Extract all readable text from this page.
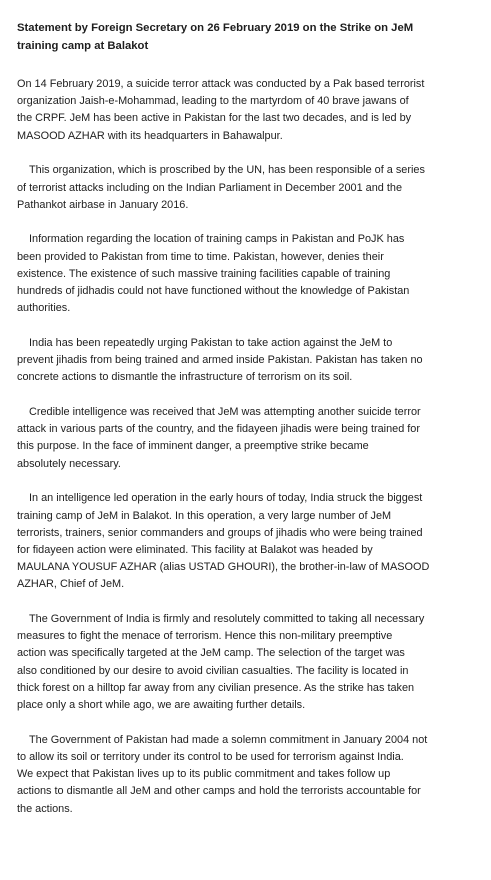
Statement by Foreign Secretary on 26 February 2019 on the Strike on JeM
training camp at Balakot
On 14 February 2019, a suicide terror attack was conducted by a Pak based terrorist
organization Jaish-e-Mohammad, leading to the martyrdom of 40 brave jawans of
the CRPF. JeM has been active in Pakistan for the last two decades, and is led by
MASOOD AZHAR with its headquarters in Bahawalpur.
This organization, which is proscribed by the UN, has been responsible of a series
of terrorist attacks including on the Indian Parliament in December 2001 and the
Pathankot airbase in January 2016.
Information regarding the location of training camps in Pakistan and PoJK has
been provided to Pakistan from time to time. Pakistan, however, denies their
existence. The existence of such massive training facilities capable of training
hundreds of jidhadis could not have functioned without the knowledge of Pakistan
authorities.
India has been repeatedly urging Pakistan to take action against the JeM to
prevent jihadis from being trained and armed inside Pakistan. Pakistan has taken no
concrete actions to dismantle the infrastructure of terrorism on its soil.
Credible intelligence was received that JeM was attempting another suicide terror
attack in various parts of the country, and the fidayeen jihadis were being trained for
this purpose. In the face of imminent danger, a preemptive strike became
absolutely necessary.
In an intelligence led operation in the early hours of today, India struck the biggest
training camp of JeM in Balakot. In this operation, a very large number of JeM
terrorists, trainers, senior commanders and groups of jihadis who were being trained
for fidayeen action were eliminated. This facility at Balakot was headed by
MAULANA YOUSUF AZHAR (alias USTAD GHOURI), the brother-in-law of MASOOD
AZHAR, Chief of JeM.
The Government of India is firmly and resolutely committed to taking all necessary
measures to fight the menace of terrorism. Hence this non-military preemptive
action was specifically targeted at the JeM camp. The selection of the target was
also conditioned by our desire to avoid civilian casualties. The facility is located in
thick forest on a hilltop far away from any civilian presence. As the strike has taken
place only a short while ago, we are awaiting further details.
The Government of Pakistan had made a solemn commitment in January 2004 not
to allow its soil or territory under its control to be used for terrorism against India.
We expect that Pakistan lives up to its public commitment and takes follow up
actions to dismantle all JeM and other camps and hold the terrorists accountable for
the actions.
